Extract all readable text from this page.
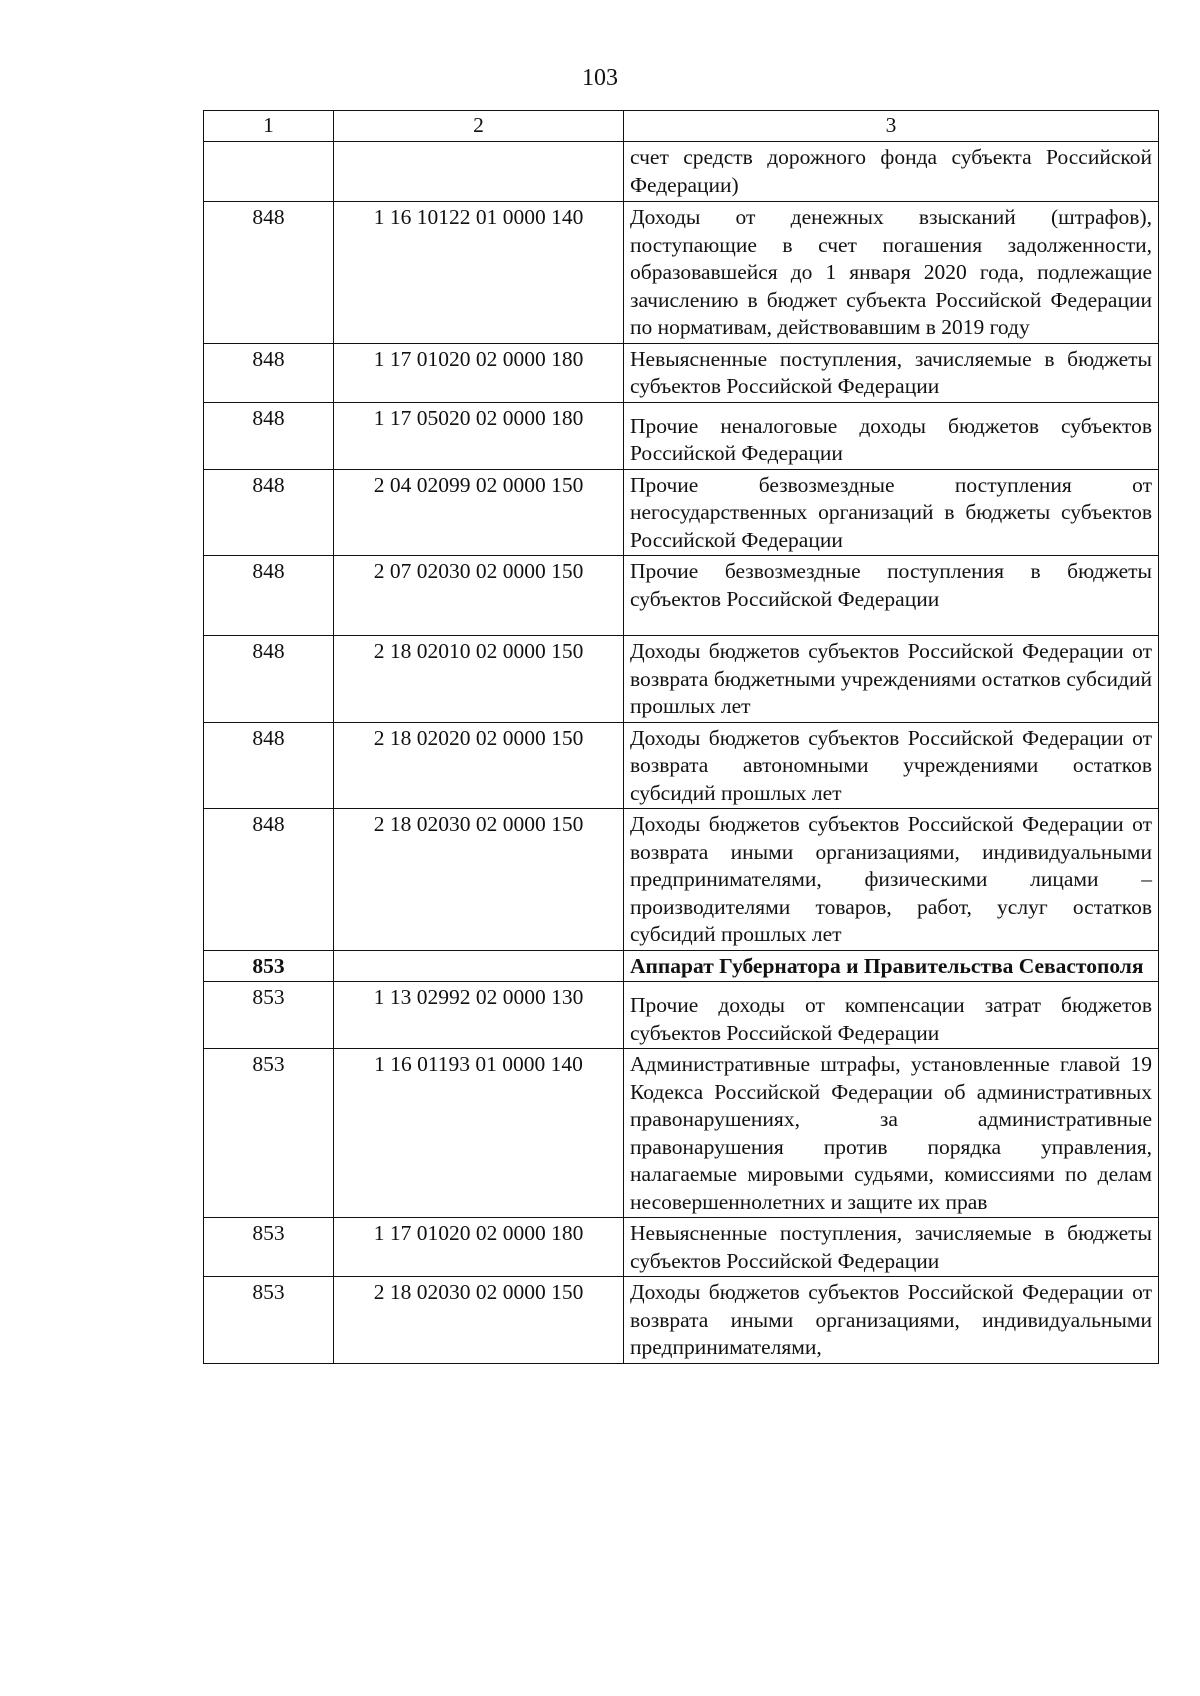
103
1	2	3
		счет средств дорожного фонда субъекта Российской Федерации)
848	1 16 10122 01 0000 140	Доходы от денежных взысканий (штрафов), поступающие в счет погашения задолженности, образовавшейся до 1 января 2020 года, подлежащие зачислению в бюджет субъекта Российской Федерации по нормативам, действовавшим в 2019 году
848	1 17 01020 02 0000 180	Невыясненные поступления, зачисляемые в бюджеты субъектов Российской Федерации
848	1 17 05020 02 0000 180	Прочие неналоговые доходы бюджетов субъектов Российской Федерации
848	2 04 02099 02 0000 150	Прочие безвозмездные поступления от негосударственных организаций в бюджеты субъектов Российской Федерации
848	2 07 02030 02 0000 150	Прочие безвозмездные поступления в бюджеты субъектов Российской Федерации
848	2 18 02010 02 0000 150	Доходы бюджетов субъектов Российской Федерации от возврата бюджетными учреждениями остатков субсидий прошлых лет
848	2 18 02020 02 0000 150	Доходы бюджетов субъектов Российской Федерации от возврата автономными учреждениями остатков субсидий прошлых лет
848	2 18 02030 02 0000 150	Доходы бюджетов субъектов Российской Федерации от возврата иными организациями, индивидуальными предпринимателями, физическими лицами – производителями товаров, работ, услуг остатков субсидий прошлых лет
853		Аппарат Губернатора и Правительства Севастополя
853	1 13 02992 02 0000 130	Прочие доходы от компенсации затрат бюджетов субъектов Российской Федерации
853	1 16 01193 01 0000 140	Административные штрафы, установленные главой 19 Кодекса Российской Федерации об административных правонарушениях, за административные правонарушения против порядка управления, налагаемые мировыми судьями, комиссиями по делам несовершеннолетних и защите их прав
853	1 17 01020 02 0000 180	Невыясненные поступления, зачисляемые в бюджеты субъектов Российской Федерации
853	2 18 02030 02 0000 150	Доходы бюджетов субъектов Российской Федерации от возврата иными организациями, индивидуальными предпринимателями,
